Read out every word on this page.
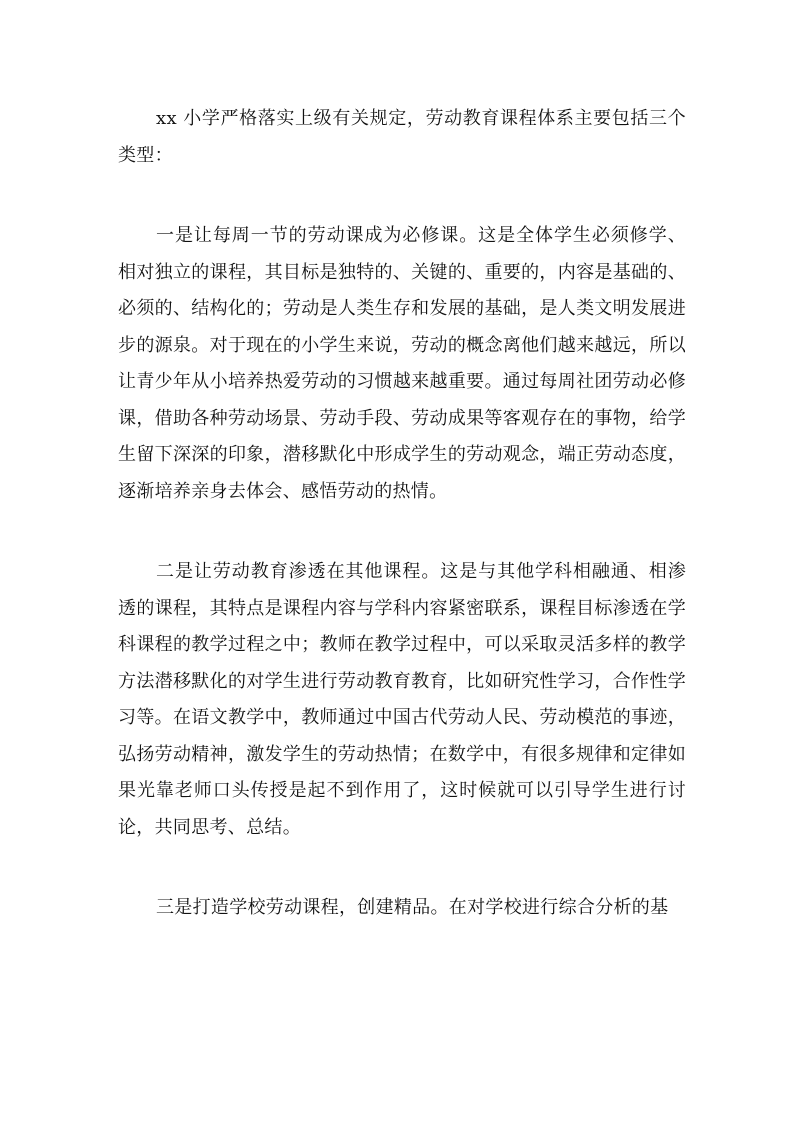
xx 小学严格落实上级有关规定，劳动教育课程体系主要包括三个类型：

一是让每周一节的劳动课成为必修课。这是全体学生必须修学、相对独立的课程，其目标是独特的、关键的、重要的，内容是基础的、必须的、结构化的；劳动是人类生存和发展的基础，是人类文明发展进步的源泉。对于现在的小学生来说，劳动的概念离他们越来越远，所以让青少年从小培养热爱劳动的习惯越来越重要。通过每周社团劳动必修课，借助各种劳动场景、劳动手段、劳动成果等客观存在的事物，给学生留下深深的印象，潜移默化中形成学生的劳动观念，端正劳动态度，逐渐培养亲身去体会、感悟劳动的热情。

二是让劳动教育渗透在其他课程。这是与其他学科相融通、相渗透的课程，其特点是课程内容与学科内容紧密联系，课程目标渗透在学科课程的教学过程之中；教师在教学过程中，可以采取灵活多样的教学方法潜移默化的对学生进行劳动教育教育，比如研究性学习，合作性学习等。在语文教学中，教师通过中国古代劳动人民、劳动模范的事迹，弘扬劳动精神，激发学生的劳动热情；在数学中，有很多规律和定律如果光靠老师口头传授是起不到作用了，这时候就可以引导学生进行讨论，共同思考、总结。

三是打造学校劳动课程，创建精品。在对学校进行综合分析的基
